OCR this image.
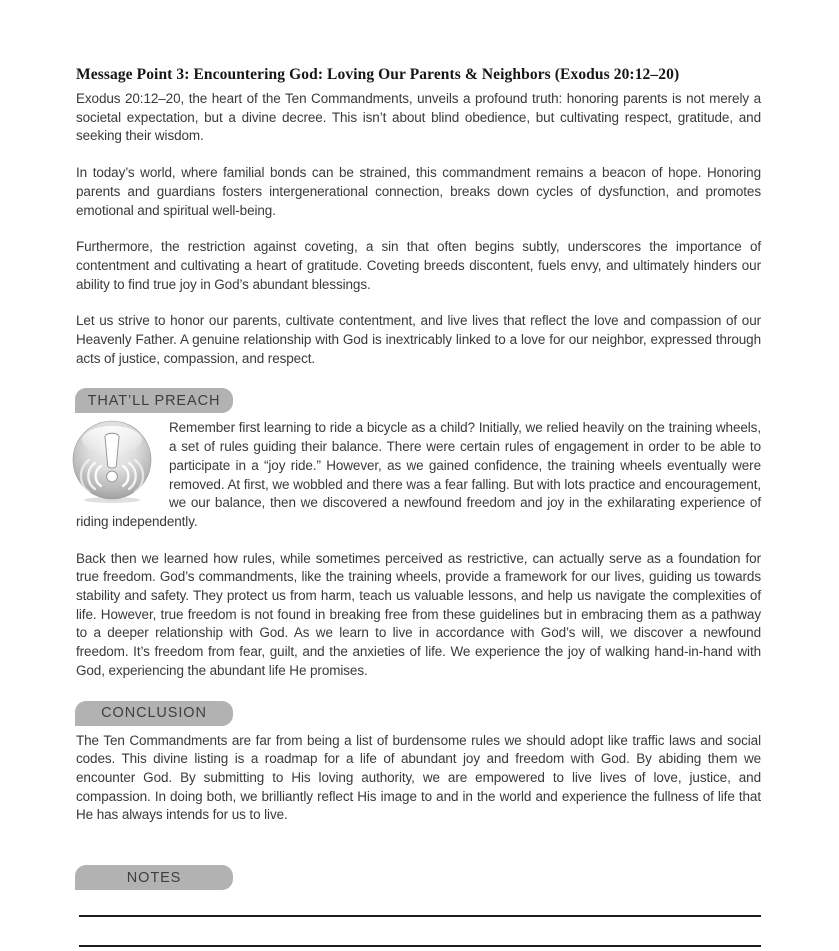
Message Point 3: Encountering God: Loving Our Parents & Neighbors (Exodus 20:12–20)

Exodus 20:12–20, the heart of the Ten Commandments, unveils a profound truth: honoring parents is not merely a societal expectation, but a divine decree. This isn’t about blind obedience, but cultivating respect, gratitude, and seeking their wisdom.

In today’s world, where familial bonds can be strained, this commandment remains a beacon of hope. Honoring parents and guardians fosters intergenerational connection, breaks down cycles of dysfunction, and promotes emotional and spiritual well-being.

Furthermore, the restriction against coveting, a sin that often begins subtly, underscores the importance of contentment and cultivating a heart of gratitude. Coveting breeds discontent, fuels envy, and ultimately hinders our ability to find true joy in God’s abundant blessings.

Let us strive to honor our parents, cultivate contentment, and live lives that reflect the love and compassion of our Heavenly Father. A genuine relationship with God is inextricably linked to a love for our neighbor, expressed through acts of justice, compassion, and respect.

THAT’LL PREACH

Remember first learning to ride a bicycle as a child? Initially, we relied heavily on the training wheels, a set of rules guiding their balance. There were certain rules of engagement in order to be able to participate in a “joy ride.” However, as we gained confidence, the training wheels eventually were removed. At first, we wobbled and there was a fear falling. But with lots practice and encouragement, we our balance, then we discovered a newfound freedom and joy in the exhilarating experience of riding independently.

Back then we learned how rules, while sometimes perceived as restrictive, can actually serve as a foundation for true freedom. God’s commandments, like the training wheels, provide a framework for our lives, guiding us towards stability and safety. They protect us from harm, teach us valuable lessons, and help us navigate the complexities of life. However, true freedom is not found in breaking free from these guidelines but in embracing them as a pathway to a deeper relationship with God. As we learn to live in accordance with God’s will, we discover a newfound freedom. It’s freedom from fear, guilt, and the anxieties of life. We experience the joy of walking hand-in-hand with God, experiencing the abundant life He promises.

CONCLUSION

The Ten Commandments are far from being a list of burdensome rules we should adopt like traffic laws and social codes. This divine listing is a roadmap for a life of abundant joy and freedom with God. By abiding them we encounter God. By submitting to His loving authority, we are empowered to live lives of love, justice, and compassion. In doing both, we brilliantly reflect His image to and in the world and experience the fullness of life that He has always intends for us to live.

NOTES
